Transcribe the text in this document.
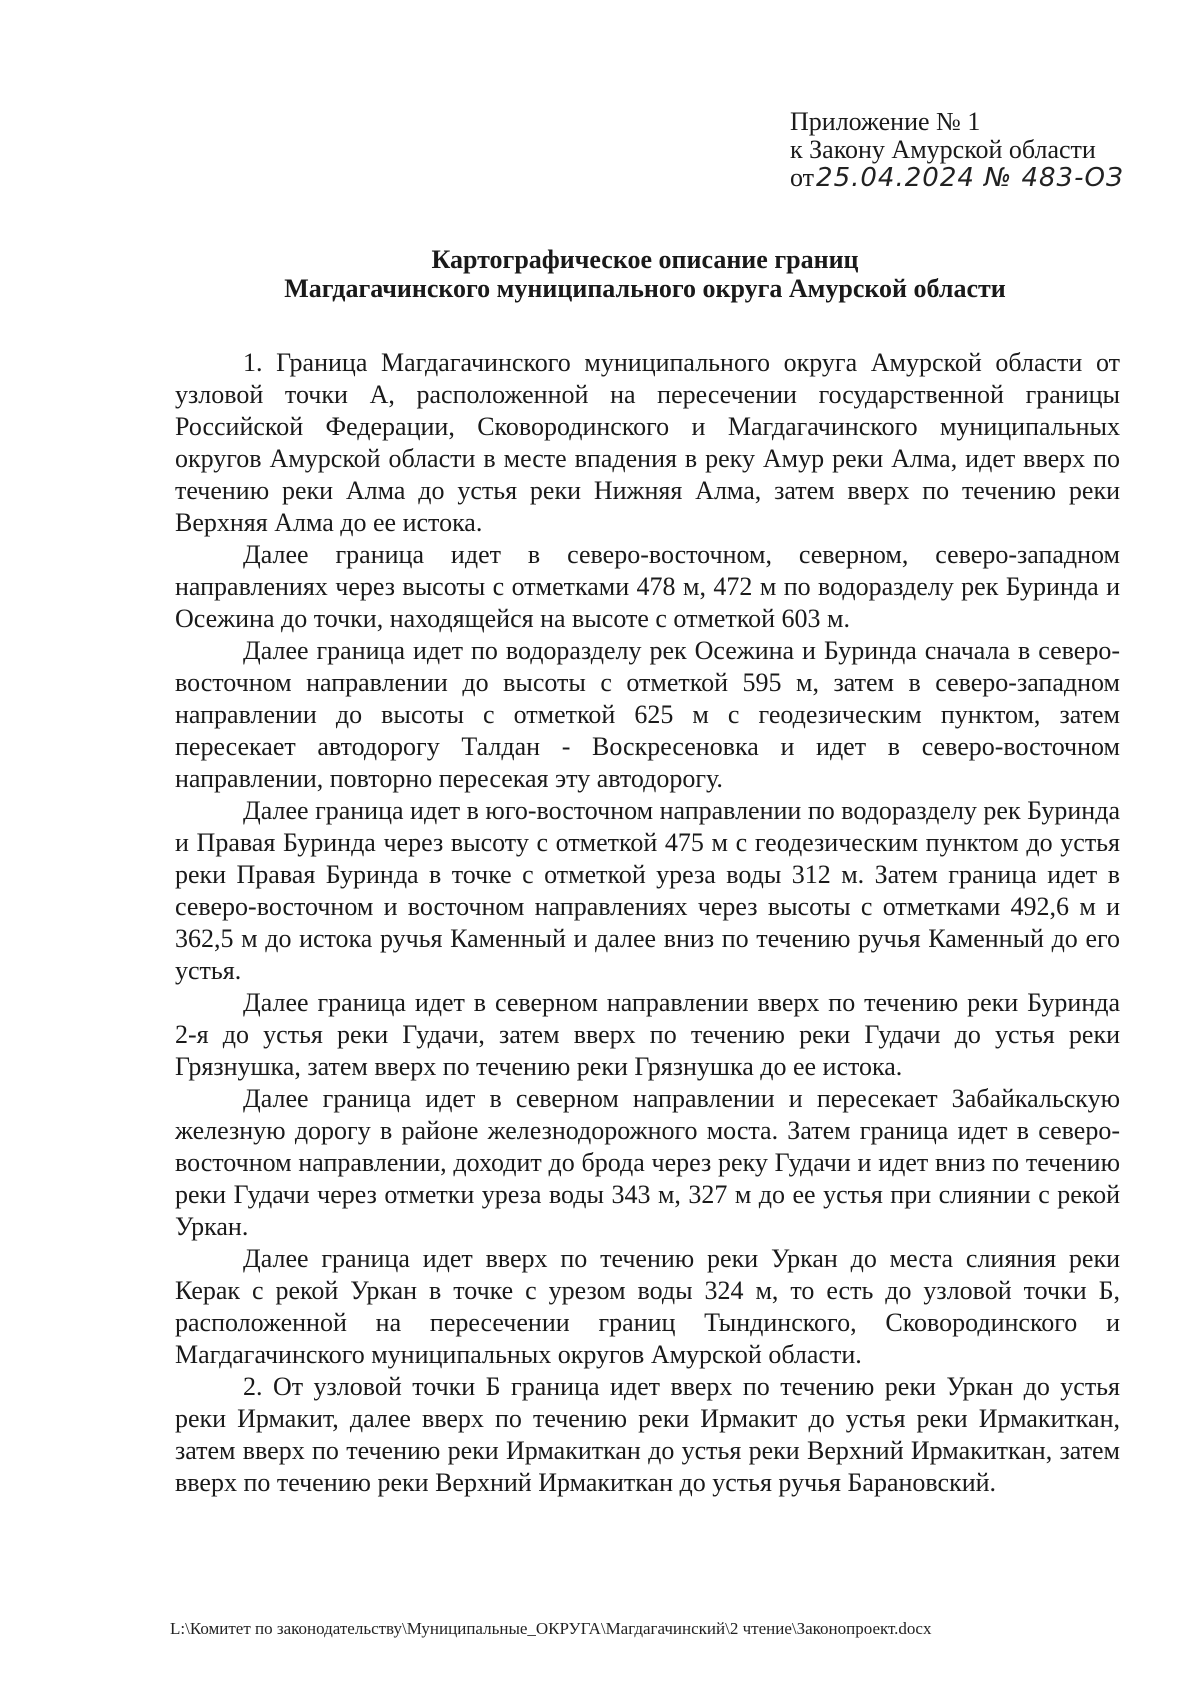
Приложение № 1
к Закону Амурской области
от25.04.2024 № 483-ОЗ
Картографическое описание границ
Магдагачинского муниципального округа Амурской области

1. Граница Магдагачинского муниципального округа Амурской области от узловой точки А, расположенной на пересечении государственной границы Российской Федерации, Сковородинского и Магдагачинского муниципальных округов Амурской области в месте впадения в реку Амур реки Алма, идет вверх по течению реки Алма до устья реки Нижняя Алма, затем вверх по течению реки Верхняя Алма до ее истока.

Далее граница идет в северо-восточном, северном, северо-западном направлениях через высоты с отметками 478 м, 472 м по водоразделу рек Буринда и Осежина до точки, находящейся на высоте с отметкой 603 м.

Далее граница идет по водоразделу рек Осежина и Буринда сначала в северо-восточном направлении до высоты с отметкой 595 м, затем в северо-западном направлении до высоты с отметкой 625 м с геодезическим пунктом, затем пересекает автодорогу Талдан - Воскресеновка и идет в северо-восточном направлении, повторно пересекая эту автодорогу.

Далее граница идет в юго-восточном направлении по водоразделу рек Буринда и Правая Буринда через высоту с отметкой 475 м с геодезическим пунктом до устья реки Правая Буринда в точке с отметкой уреза воды 312 м. Затем граница идет в северо-восточном и восточном направлениях через высоты с отметками 492,6 м и 362,5 м до истока ручья Каменный и далее вниз по течению ручья Каменный до его устья.

Далее граница идет в северном направлении вверх по течению реки Буринда 2-я до устья реки Гудачи, затем вверх по течению реки Гудачи до устья реки Грязнушка, затем вверх по течению реки Грязнушка до ее истока.

Далее граница идет в северном направлении и пересекает Забайкальскую железную дорогу в районе железнодорожного моста. Затем граница идет в северо-восточном направлении, доходит до брода через реку Гудачи и идет вниз по течению реки Гудачи через отметки уреза воды 343 м, 327 м до ее устья при слиянии с рекой Уркан.

Далее граница идет вверх по течению реки Уркан до места слияния реки Керак с рекой Уркан в точке с урезом воды 324 м, то есть до узловой точки Б, расположенной на пересечении границ Тындинского, Сковородинского и Магдагачинского муниципальных округов Амурской области.

2. От узловой точки Б граница идет вверх по течению реки Уркан до устья реки Ирмакит, далее вверх по течению реки Ирмакит до устья реки Ирмакиткан, затем вверх по течению реки Ирмакиткан до устья реки Верхний Ирмакиткан, затем вверх по течению реки Верхний Ирмакиткан до устья ручья Барановский.

L:\Комитет по законодательству\Муниципальные_ОКРУГА\Магдагачинский\2 чтение\Законопроект.docx
